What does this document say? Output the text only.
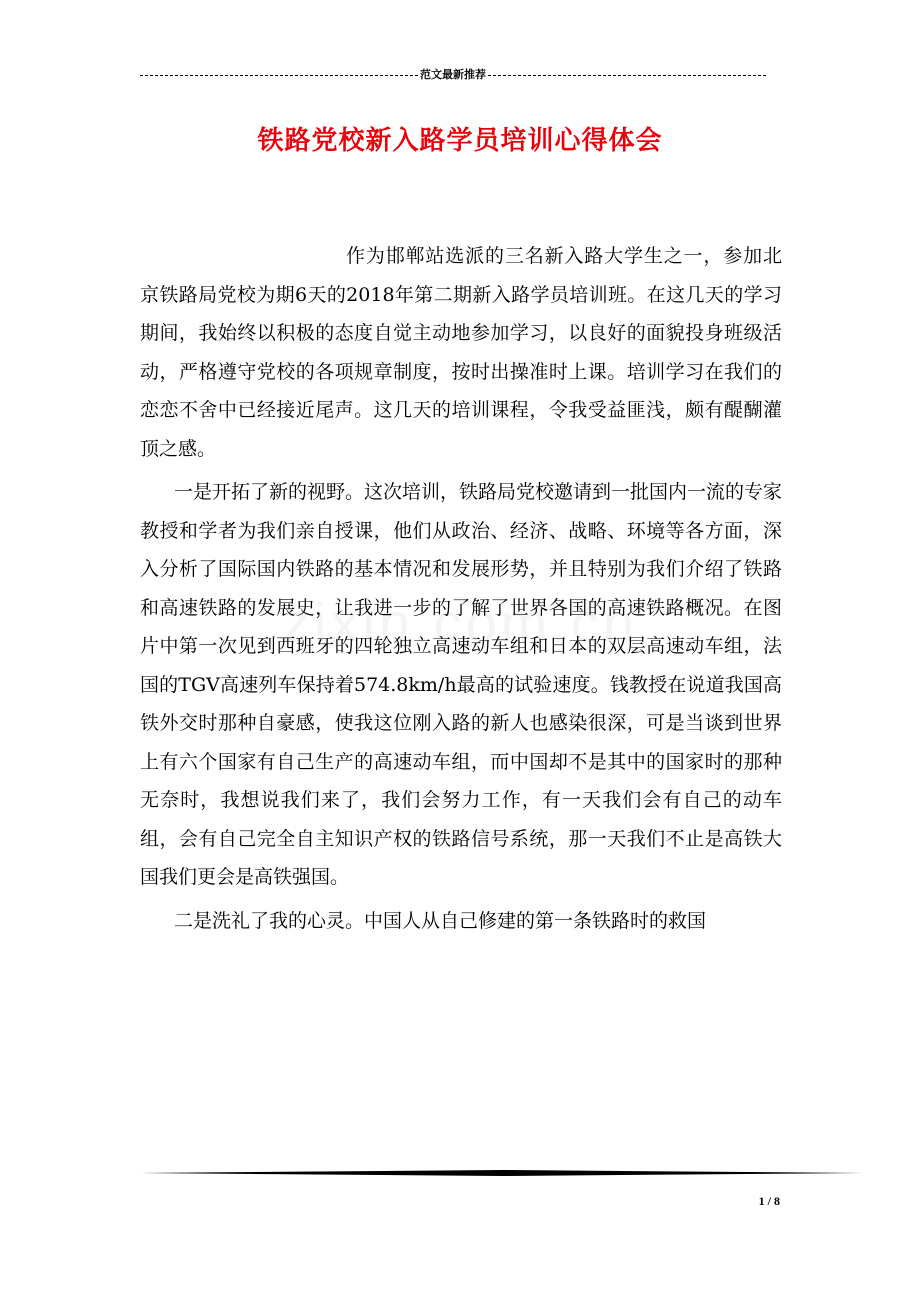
范文最新推荐
铁路党校新入路学员培训心得体会

作为邯郸站选派的三名新入路大学生之一，参加北京铁路局党校为期6天的2018年第二期新入路学员培训班。在这几天的学习期间，我始终以积极的态度自觉主动地参加学习，以良好的面貌投身班级活动，严格遵守党校的各项规章制度，按时出操准时上课。培训学习在我们的恋恋不舍中已经接近尾声。这几天的培训课程，令我受益匪浅，颇有醍醐灌顶之感。

一是开拓了新的视野。这次培训，铁路局党校邀请到一批国内一流的专家教授和学者为我们亲自授课，他们从政治、经济、战略、环境等各方面，深入分析了国际国内铁路的基本情况和发展形势，并且特别为我们介绍了铁路和高速铁路的发展史，让我进一步的了解了世界各国的高速铁路概况。在图片中第一次见到西班牙的四轮独立高速动车组和日本的双层高速动车组，法国的TGV高速列车保持着574.8km/h最高的试验速度。钱教授在说道我国高铁外交时那种自豪感，使我这位刚入路的新人也感染很深，可是当谈到世界上有六个国家有自己生产的高速动车组，而中国却不是其中的国家时的那种无奈时，我想说我们来了，我们会努力工作，有一天我们会有自己的动车组，会有自己完全自主知识产权的铁路信号系统，那一天我们不止是高铁大国我们更会是高铁强国。

二是洗礼了我的心灵。中国人从自己修建的第一条铁路时的救国

1 / 8
